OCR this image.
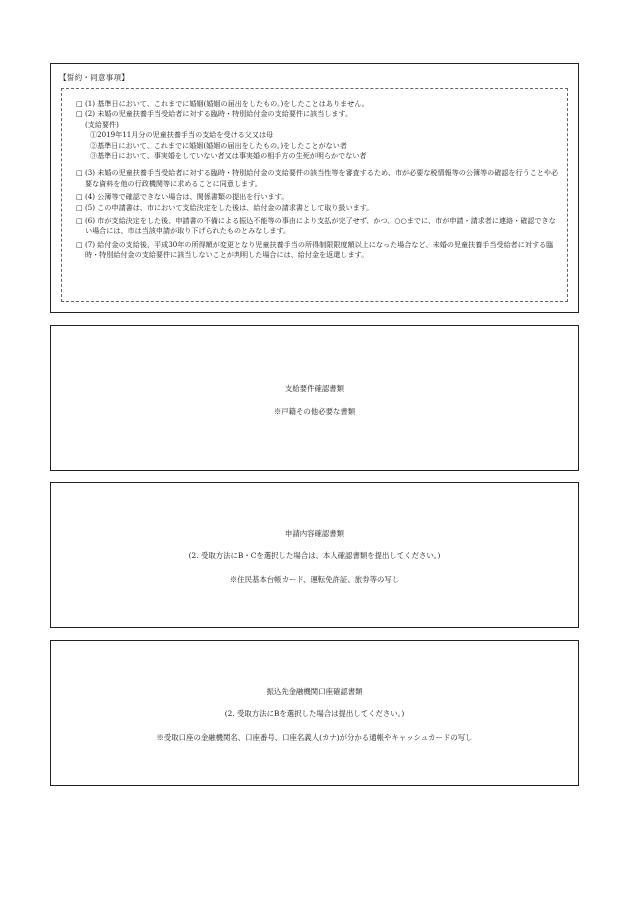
【誓約・同意事項】
□ (1) 基準日において、これまでに婚姻(婚姻の届出をしたもの。)をしたことはありません。
□ (2) 未婚の児童扶養手当受給者に対する臨時・特別給付金の支給要件に該当します。
(支給要件)
①2019年11月分の児童扶養手当の支給を受ける父又は母
②基準日において、これまでに婚姻(婚姻の届出をしたもの。)をしたことがない者
③基準日において、事実婚をしていない者又は事実婚の相手方の生死が明らかでない者
□ (3) 未婚の児童扶養手当受給者に対する臨時・特別給付金の支給要件の該当性等を審査するため、市が必要な税情報等の公簿等の確認を行うことや必要な資料を他の行政機関等に求めることに同意します。
□ (4) 公簿等で確認できない場合は、関係書類の提出を行います。
□ (5) この申請書は、市において支給決定をした後は、給付金の請求書として取り扱います。
□ (6) 市が支給決定をした後、申請書の不備による振込不能等の事由により支払が完了せず、かつ、○○までに、市が申請・請求者に連絡・確認できない場合には、市は当該申請が取り下げられたものとみなします。
□ (7) 給付金の支給後、平成30年の所得額が変更となり児童扶養手当の所得制限限度額以上になった場合など、未婚の児童扶養手当受給者に対する臨時・特別給付金の支給要件に該当しないことが判明した場合には、給付金を返還します。
支給要件確認書類
※戸籍その他必要な書類
申請内容確認書類
(2. 受取方法にB・Cを選択した場合は、本人確認書類を提出してください。)
※住民基本台帳カード、運転免許証、旅券等の写し
振込先金融機関口座確認書類
(2. 受取方法にBを選択した場合は提出してください。)
※受取口座の金融機関名、口座番号、口座名義人(カナ)が分かる通帳やキャッシュカードの写し
